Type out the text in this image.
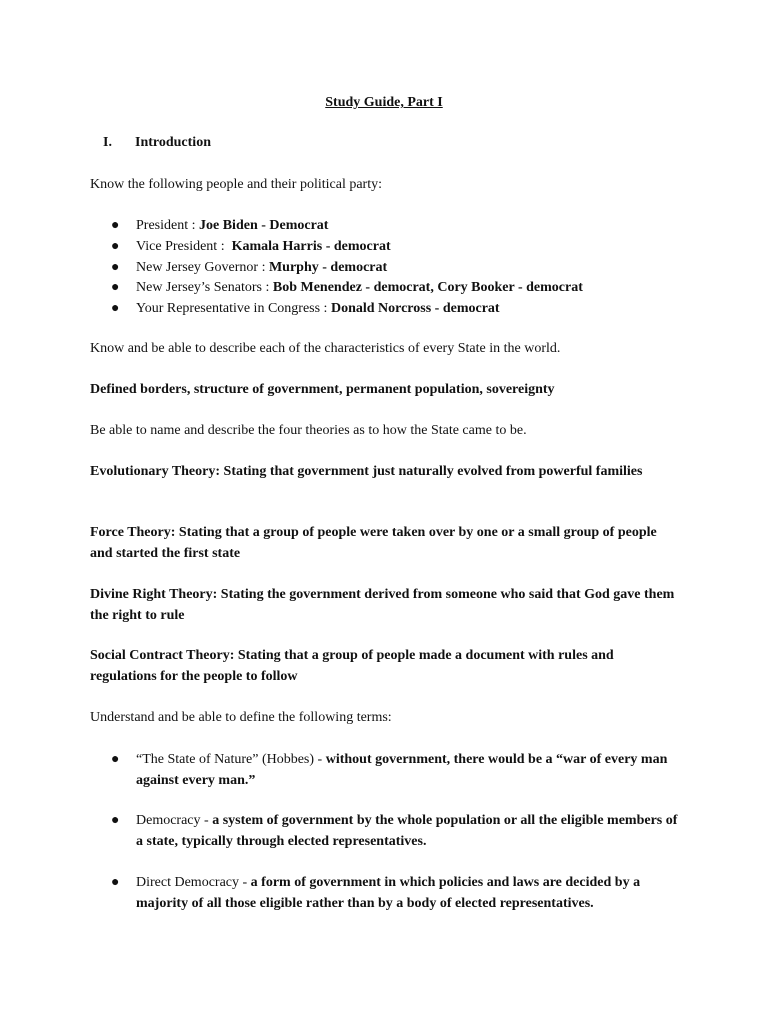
Study Guide, Part I
I. Introduction
Know the following people and their political party:
● President : Joe Biden - Democrat
● Vice President :  Kamala Harris - democrat
● New Jersey Governor : Murphy - democrat
● New Jersey’s Senators : Bob Menendez - democrat, Cory Booker - democrat
● Your Representative in Congress : Donald Norcross - democrat
Know and be able to describe each of the characteristics of every State in the world.
Defined borders, structure of government, permanent population, sovereignty
Be able to name and describe the four theories as to how the State came to be.
Evolutionary Theory: Stating that government just naturally evolved from powerful families
Force Theory: Stating that a group of people were taken over by one or a small group of people and started the first state
Divine Right Theory: Stating the government derived from someone who said that God gave them the right to rule
Social Contract Theory: Stating that a group of people made a document with rules and regulations for the people to follow
Understand and be able to define the following terms:
● “The State of Nature” (Hobbes) - without government, there would be a “war of every man against every man.”
● Democracy - a system of government by the whole population or all the eligible members of a state, typically through elected representatives.
● Direct Democracy - a form of government in which policies and laws are decided by a majority of all those eligible rather than by a body of elected representatives.
